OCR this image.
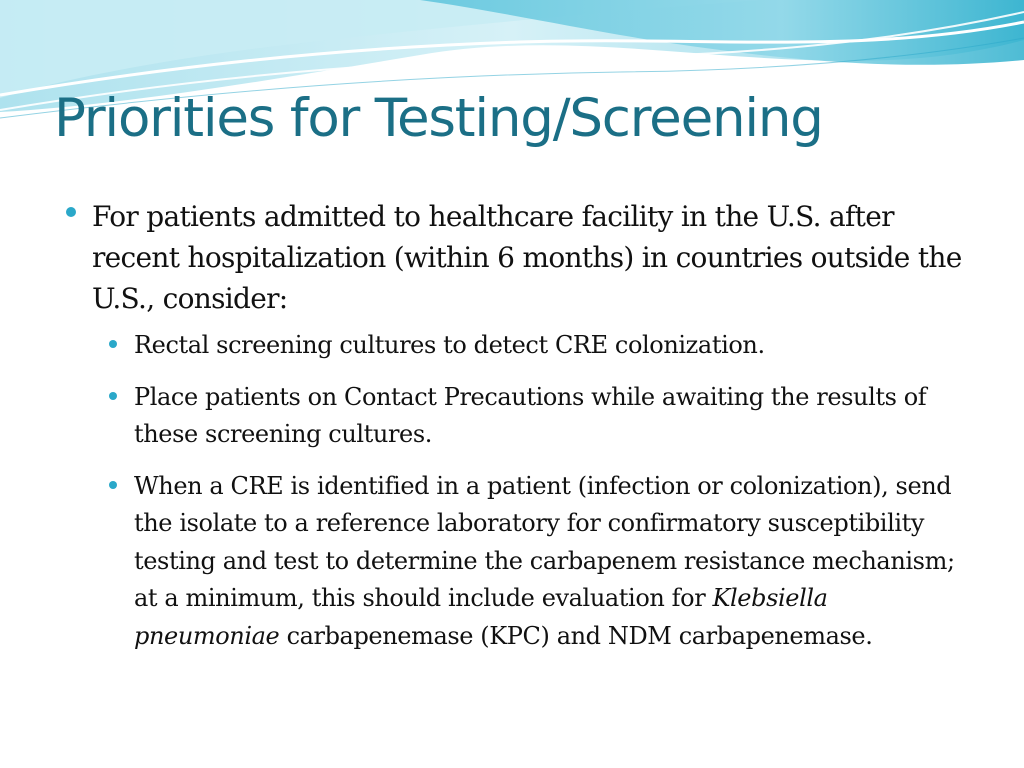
Priorities for Testing/Screening
For patients admitted to healthcare facility in the U.S. after recent hospitalization (within 6 months) in countries outside the U.S., consider:
Rectal screening cultures to detect CRE colonization.
Place patients on Contact Precautions while awaiting the results of these screening cultures.
When a CRE is identified in a patient (infection or colonization), send the isolate to a reference laboratory for confirmatory susceptibility testing and test to determine the carbapenem resistance mechanism; at a minimum, this should include evaluation for Klebsiella pneumoniae carbapenemase (KPC) and NDM carbapenemase.
